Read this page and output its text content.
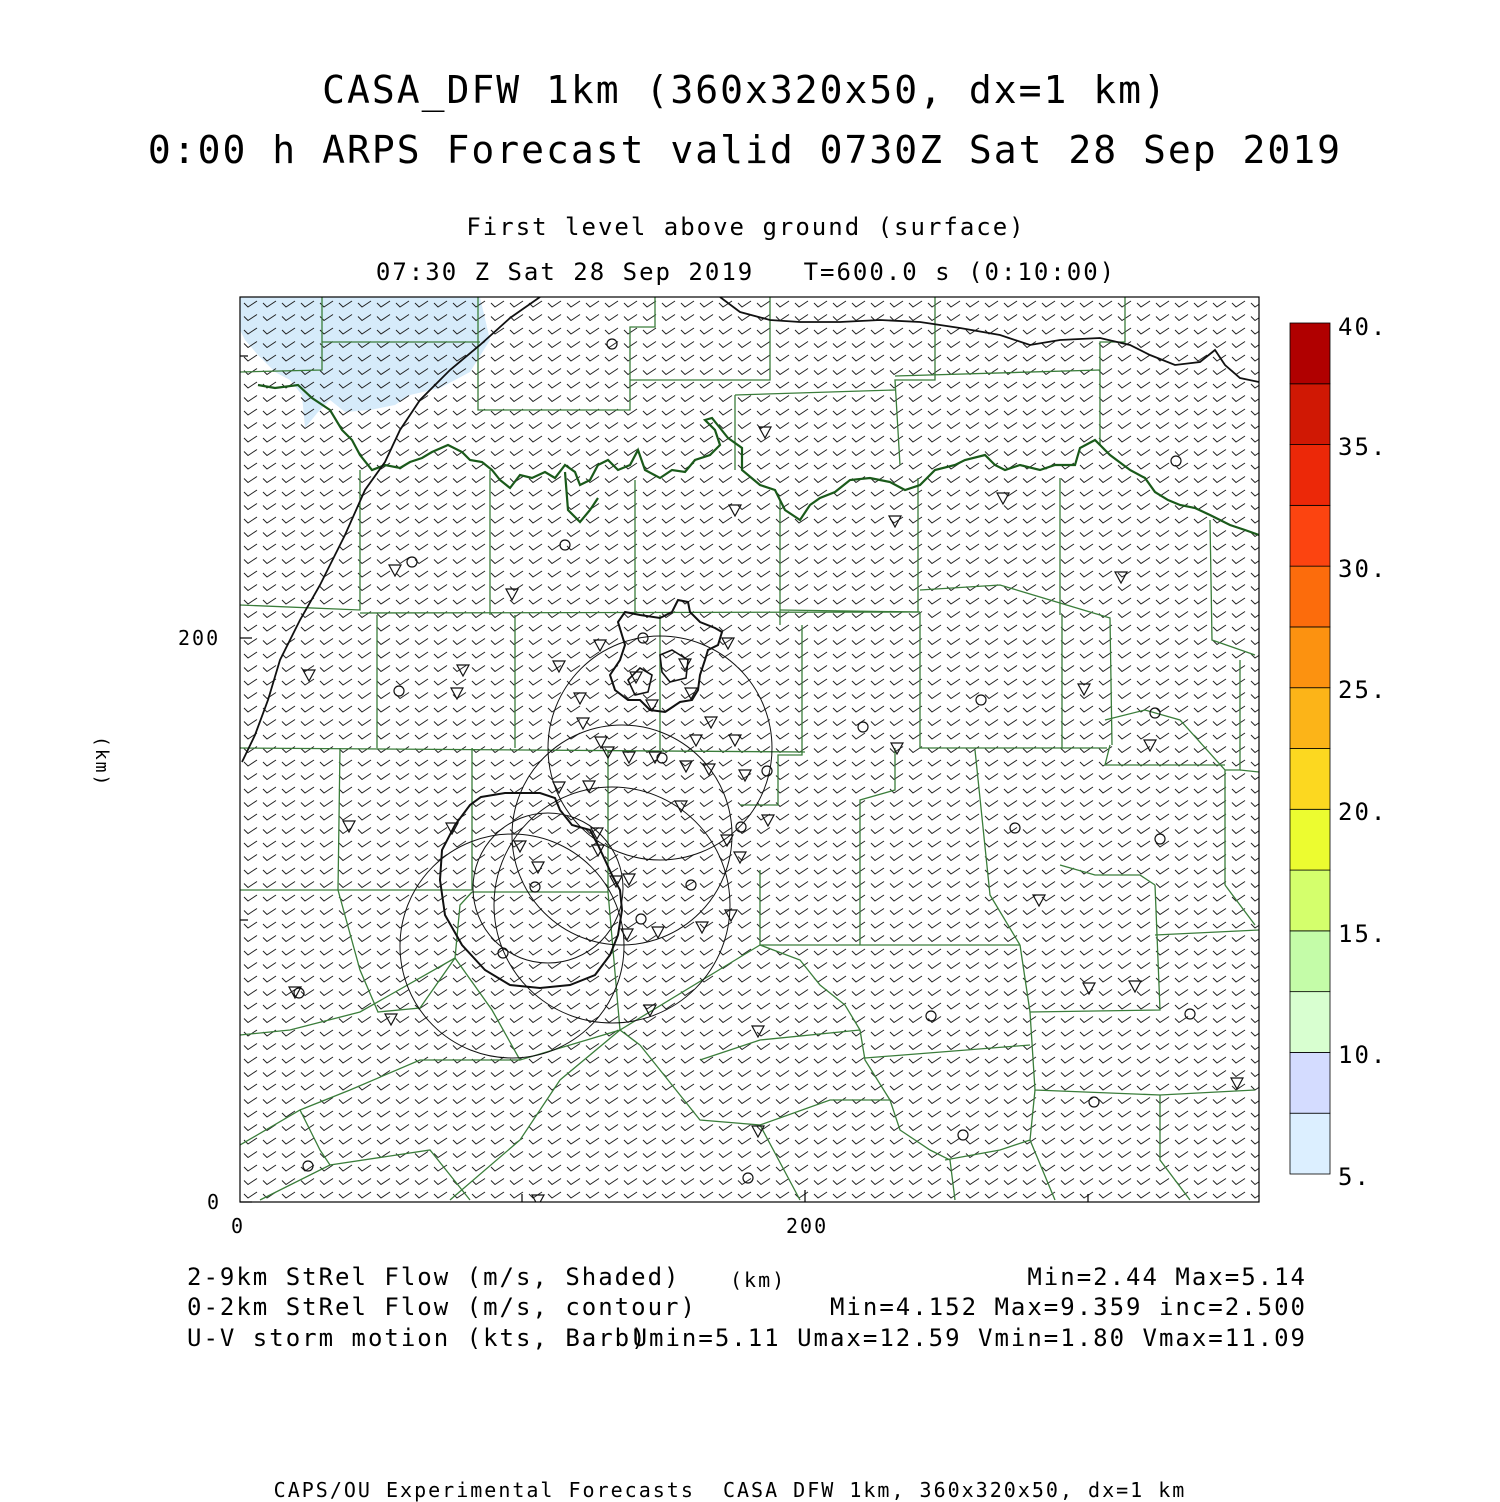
CASA_DFW 1km (360x320x50, dx=1 km)
0:00 h ARPS Forecast valid 0730Z Sat 28 Sep 2019
First level above ground (surface)
07:30 Z Sat 28 Sep 2019   T=600.0 s (0:10:00)
200
0
0	200
(km)
5.
10.
15.
20.
25.
30.
35.
40.
2-9km StRel Flow (m/s, Shaded) (km)	Min=2.44 Max=5.14
0-2km StRel Flow (m/s, contour)	Min=4.152 Max=9.359 inc=2.500
U-V storm motion (kts, Barb)
Umin=5.11 Umax=12.59 Vmin=1.80 Vmax=11.09
CAPS/OU Experimental Forecasts  CASA DFW 1km, 360x320x50, dx=1 km
